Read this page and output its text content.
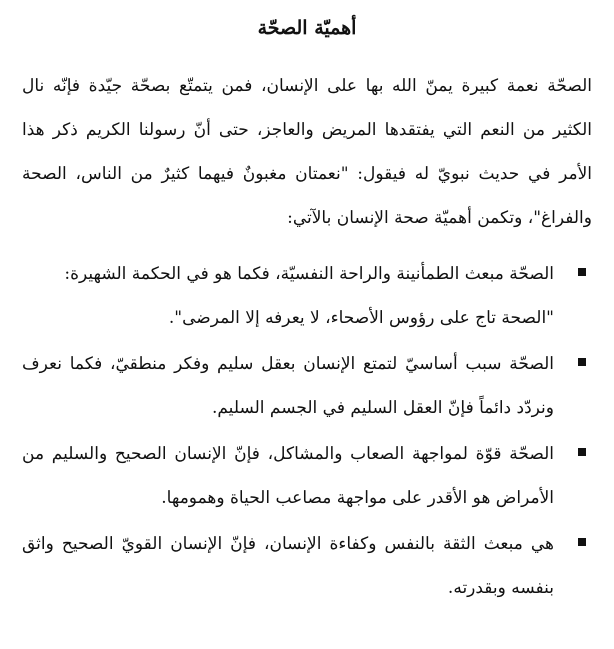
أهميّة الصحّة

الصحّة نعمة كبيرة يمنّ الله بها على الإنسان، فمن يتمتّع بصحّة جيّدة فإنّه نال الكثير من النعم التي يفتقدها المريض والعاجز، حتى أنّ رسولنا الكريم ذكر هذا الأمر في حديث نبويّ له فيقول: "نعمتان مغبونٌ فيهما كثيرٌ من الناس، الصحة والفراغ"، وتكمن أهميّة صحة الإنسان بالآتي:

الصحّة مبعث الطمأنينة والراحة النفسيّة، فكما هو في الحكمة الشهيرة:
"الصحة تاج على رؤوس الأصحاء، لا يعرفه إلا المرضى".
الصحّة سبب أساسيّ لتمتع الإنسان بعقل سليم وفكر منطقيّ، فكما نعرف ونردّد دائماً فإنّ العقل السليم في الجسم السليم.
الصحّة قوّة لمواجهة الصعاب والمشاكل، فإنّ الإنسان الصحيح والسليم من الأمراض هو الأقدر على مواجهة مصاعب الحياة وهمومها.
هي مبعث الثقة بالنفس وكفاءة الإنسان، فإنّ الإنسان القويّ الصحيح واثق بنفسه وبقدرته.
